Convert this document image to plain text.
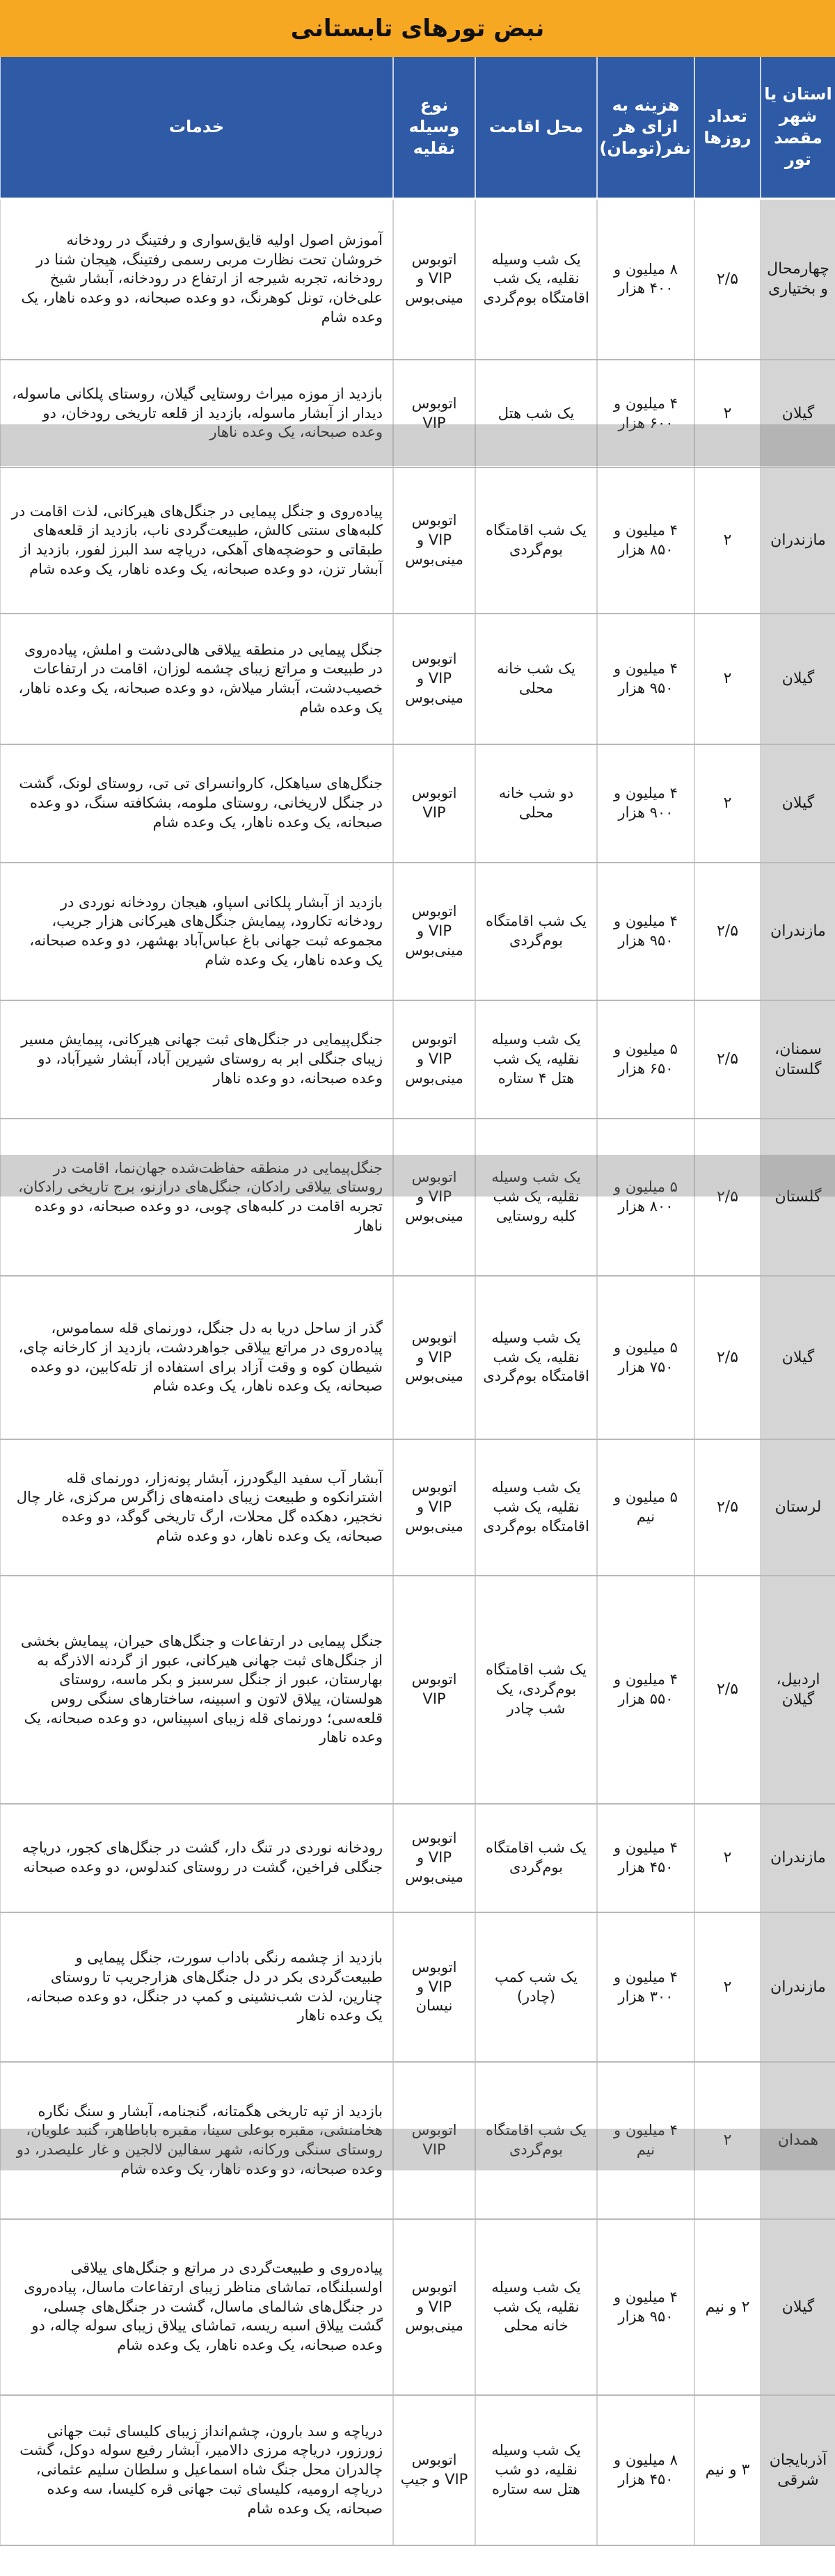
نبض تورهای تابستانی
استان یا شهر مقصد تور	تعداد روزها	هزینه به ازای هر نفر(تومان)	محل اقامت	نوع وسیله نقلیه	خدمات
چهارمحال و بختیاری	۲/۵	۸ میلیون و ۴۰۰ هزار	یک شب وسیله نقلیه، یک شب اقامتگاه بوم‌گردی	اتوبوس VIP و مینی‌بوس	آموزش اصول اولیه قایق‌سواری و رفتینگ در رودخانه خروشان تحت نظارت مربی رسمی رفتینگ، هیجان شنا در رودخانه، تجربه شیرجه از ارتفاع در رودخانه، آبشار شیخ علی‌خان، تونل کوهرنگ، دو وعده صبحانه، دو وعده ناهار، یک وعده شام
گیلان	۲	۴ میلیون و ۶۰۰ هزار	یک شب هتل	اتوبوس VIP	بازدید از موزه میراث روستایی گیلان، روستای پلکانی ماسوله، دیدار از آبشار ماسوله، بازدید از قلعه تاریخی رودخان، دو وعده صبحانه، یک وعده ناهار
مازندران	۲	۴ میلیون و ۸۵۰ هزار	یک شب اقامتگاه بوم‌گردی	اتوبوس VIP و مینی‌بوس	پیاده‌روی و جنگل پیمایی در جنگل‌های هیرکانی، لذت اقامت در کلبه‌های سنتی کالش، طبیعت‌گردی ناب، بازدید از قلعه‌های طبقاتی و حوضچه‌های آهکی، دریاچه سد البرز لفور، بازدید از آبشار تزن، دو وعده صبحانه، یک وعده ناهار، یک وعده شام
گیلان	۲	۴ میلیون و ۹۵۰ هزار	یک شب خانه محلی	اتوبوس VIP و مینی‌بوس	جنگل پیمایی در منطقه ییلاقی هالی‌دشت و املش، پیاده‌روی در طبیعت و مراتع زیبای چشمه لوزان، اقامت در ارتفاعات خصیب‌دشت، آبشار میلاش، دو وعده صبحانه، یک وعده ناهار، یک وعده شام
گیلان	۲	۴ میلیون و ۹۰۰ هزار	دو شب خانه محلی	اتوبوس VIP	جنگل‌های سیاهکل، کاروانسرای تی تی، روستای لونک، گشت در جنگل لاریخانی، روستای ملومه، بشکافته سنگ، دو وعده صبحانه، یک وعده ناهار، یک وعده شام
مازندران	۲/۵	۴ میلیون و ۹۵۰ هزار	یک شب اقامتگاه بوم‌گردی	اتوبوس VIP و مینی‌بوس	بازدید از آبشار پلکانی اسپاو، هیجان رودخانه نوردی در رودخانه تکارود، پیمایش جنگل‌های هیرکانی هزار جریب، مجموعه ثبت جهانی باغ عباس‌آباد بهشهر، دو وعده صبحانه، یک وعده ناهار، یک وعده شام
سمنان، گلستان	۲/۵	۵ میلیون و ۶۵۰ هزار	یک شب وسیله نقلیه، یک شب هتل ۴ ستاره	اتوبوس VIP و مینی‌بوس	جنگل‌پیمایی در جنگل‌های ثبت جهانی هیرکانی، پیمایش مسیر زیبای جنگلی ابر به روستای شیرین آباد، آبشار شیرآباد، دو وعده صبحانه، دو وعده ناهار
گلستان	۲/۵	۵ میلیون و ۸۰۰ هزار	یک شب وسیله نقلیه، یک شب کلبه روستایی	اتوبوس VIP و مینی‌بوس	جنگل‌پیمایی در منطقه حفاظت‌شده جهان‌نما، اقامت در روستای ییلاقی رادکان، جنگل‌های درازنو، برج تاریخی رادکان، تجربه اقامت در کلبه‌های چوبی، دو وعده صبحانه، دو وعده ناهار
گیلان	۲/۵	۵ میلیون و ۷۵۰ هزار	یک شب وسیله نقلیه، یک شب اقامتگاه بوم‌گردی	اتوبوس VIP و مینی‌بوس	گذر از ساحل دریا به دل جنگل، دورنمای قله سماموس، پیاده‌روی در مراتع ییلاقی جواهردشت، بازدید از کارخانه چای، شیطان کوه و وقت آزاد برای استفاده از تله‌کابین، دو وعده صبحانه، یک وعده ناهار، یک وعده شام
لرستان	۲/۵	۵ میلیون و نیم	یک شب وسیله نقلیه، یک شب اقامتگاه بوم‌گردی	اتوبوس VIP و مینی‌بوس	آبشار آب سفید الیگودرز، آبشار پونه‌زار، دورنمای قله اشترانکوه و طبیعت زیبای دامنه‌های زاگرس مرکزی، غار چال نخجیر، دهکده گل محلات، ارگ تاریخی گوگد، دو وعده صبحانه، یک وعده ناهار، دو وعده شام
اردبیل، گیلان	۲/۵	۴ میلیون و ۵۵۰ هزار	یک شب اقامتگاه بوم‌گردی، یک شب چادر	اتوبوس VIP	جنگل پیمایی در ارتفاعات و جنگل‌های حیران، پیمایش بخشی از جنگل‌های ثبت جهانی هیرکانی، عبور از گردنه الاذرگه به بهارستان، عبور از جنگل سرسبز و بکر ماسه، روستای هولستان، ییلاق لاتون و اسبینه، ساختارهای سنگی روس قلعه‌سی؛ دورنمای قله زیبای اسپیناس، دو وعده صبحانه، یک وعده ناهار
مازندران	۲	۴ میلیون و ۴۵۰ هزار	یک شب اقامتگاه بوم‌گردی	اتوبوس VIP و مینی‌بوس	رودخانه نوردی در تنگ دار، گشت در جنگل‌های کجور، دریاچه جنگلی فراخین، گشت در روستای کندلوس، دو وعده صبحانه
مازندران	۲	۴ میلیون و ۳۰۰ هزار	یک شب کمپ (چادر)	اتوبوس VIP و نیسان	بازدید از چشمه رنگی باداب سورت، جنگل پیمایی و طبیعت‌گردی بکر در دل جنگل‌های هزارجریب تا روستای چنارین، لذت شب‌نشینی و کمپ در جنگل، دو وعده صبحانه، یک وعده ناهار
همدان	۲	۴ میلیون و نیم	یک شب اقامتگاه بوم‌گردی	اتوبوس VIP	بازدید از تپه تاریخی هگمتانه، گنجنامه، آبشار و سنگ نگاره هخامنشی، مقبره بوعلی سینا، مقبره باباطاهر، گنبد علویان، روستای سنگی ورکانه، شهر سفالین لالجین و غار علیصدر، دو وعده صبحانه، دو وعده ناهار، یک وعده شام
گیلان	۲ و نیم	۴ میلیون و ۹۵۰ هزار	یک شب وسیله نقلیه، یک شب خانه محلی	اتوبوس VIP و مینی‌بوس	پیاده‌روی و طبیعت‌گردی در مراتع و جنگل‌های ییلاقی اولسبلنگاه، تماشای مناظر زیبای ارتفاعات ماسال، پیاده‌روی در جنگل‌های شالمای ماسال، گشت در جنگل‌های چسلی، گشت ییلاق اسبه ریسه، تماشای ییلاق زیبای سوله چاله، دو وعده صبحانه، یک وعده ناهار، یک وعده شام
آذربایجان شرقی	۳ و نیم	۸ میلیون و ۴۵۰ هزار	یک شب وسیله نقلیه، دو شب هتل سه ستاره	اتوبوس VIP و جیپ	دریاچه و سد بارون، چشم‌انداز زیبای کلیسای ثبت جهانی زورزور، دریاچه مرزی دالامیر، آبشار رفیع سوله دوکل، گشت چالدران محل جنگ شاه اسماعیل و سلطان سلیم عثمانی، دریاچه ارومیه، کلیسای ثبت جهانی قره کلیسا، سه وعده صبحانه، یک وعده شام
